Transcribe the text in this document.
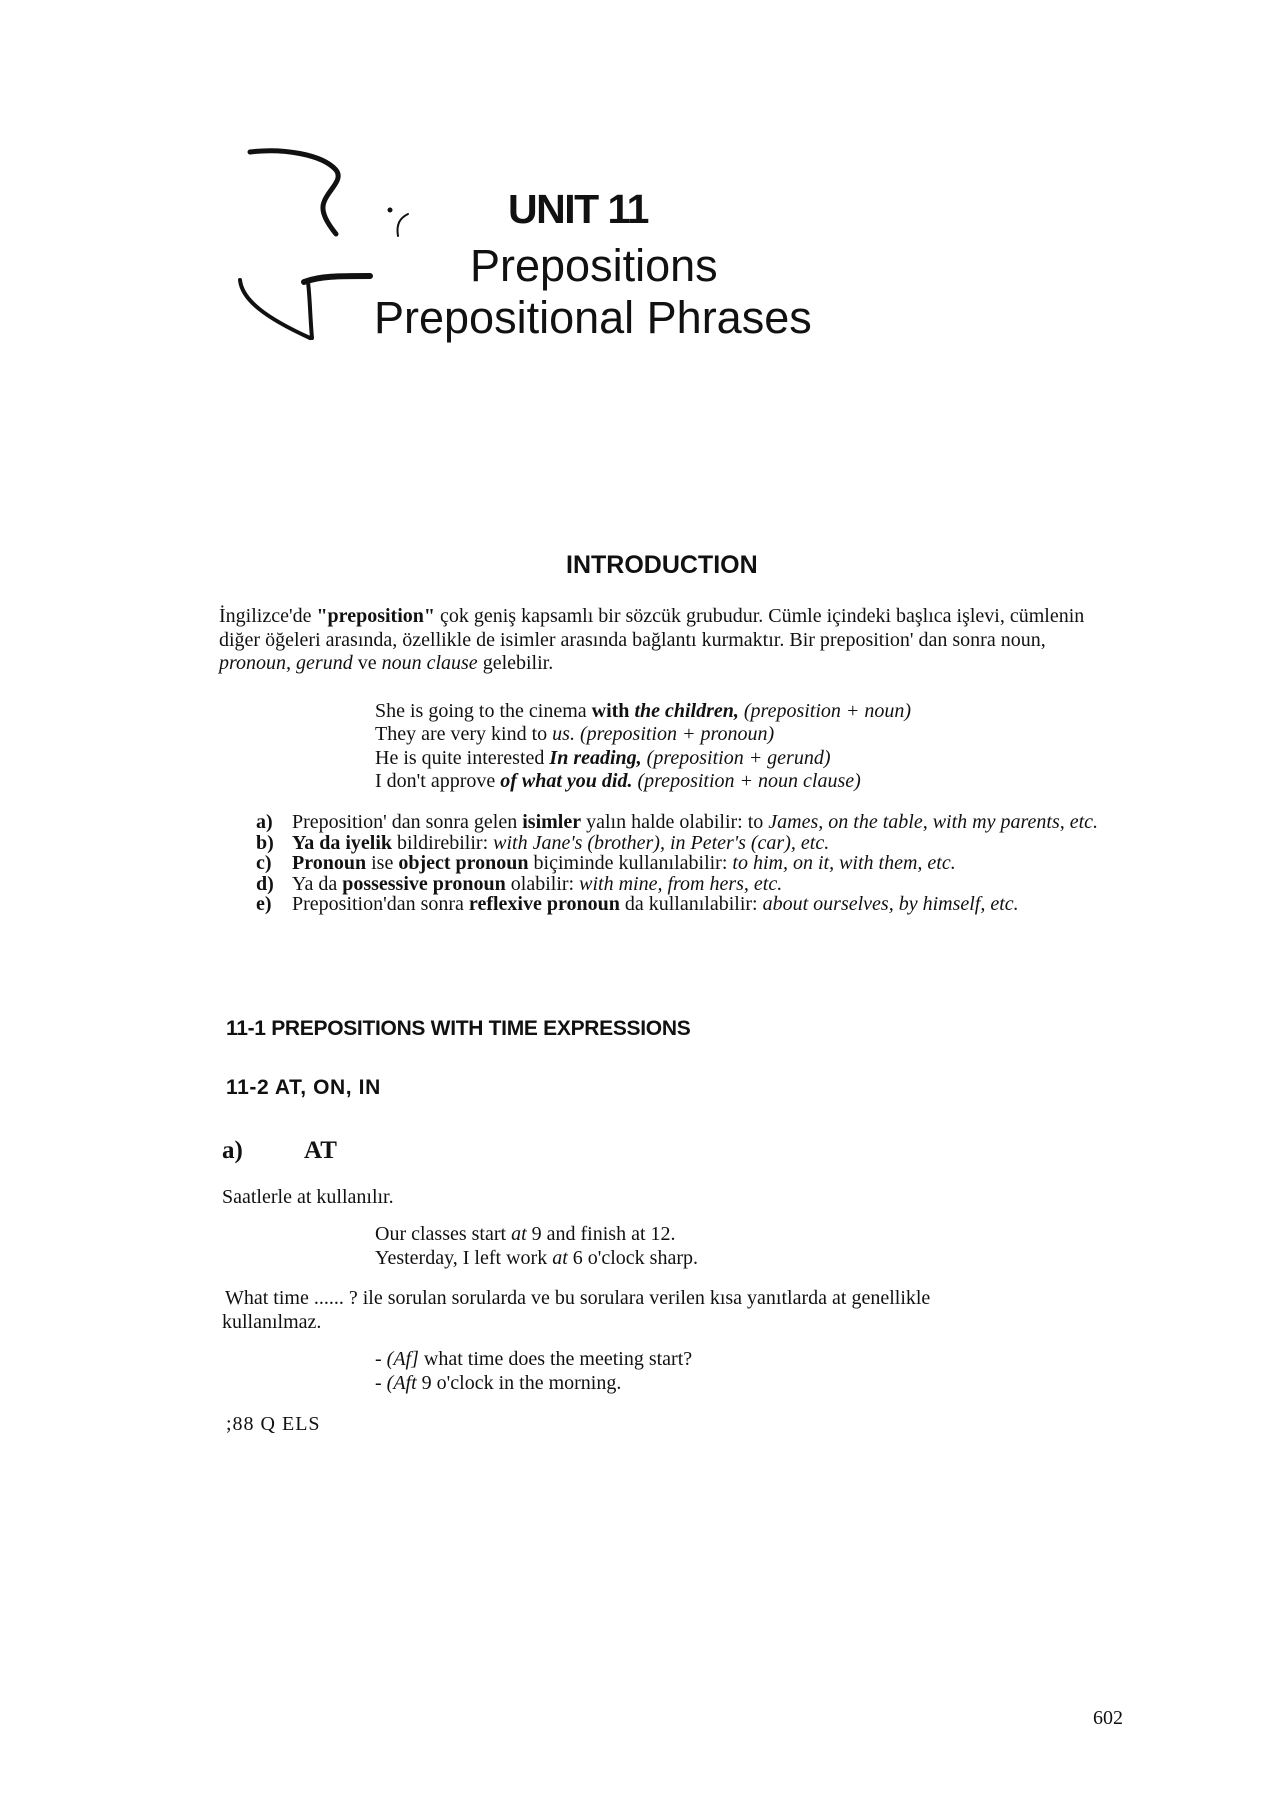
UNIT 11
Prepositions
Prepositional Phrases
INTRODUCTION
İngilizce'de "preposition" çok geniş kapsamlı bir sözcük grubudur. Cümle içindeki başlıca işlevi, cümlenin diğer öğeleri arasında, özellikle de isimler arasında bağlantı kurmaktır. Bir preposition' dan sonra noun, pronoun, gerund ve noun clause gelebilir.
She is going to the cinema with the children, (preposition + noun)
They are very kind to us. (preposition + pronoun)
He is quite interested In reading, (preposition + gerund)
I don't approve of what you did. (preposition + noun clause)
a) Preposition' dan sonra gelen isimler yalın halde olabilir: to James, on the table, with my parents, etc.
b) Ya da iyelik bildirebilir: with Jane's (brother), in Peter's (car), etc.
c) Pronoun ise object pronoun biçiminde kullanılabilir: to him, on it, with them, etc.
d) Ya da possessive pronoun olabilir: with mine, from hers, etc.
e) Preposition'dan sonra reflexive pronoun da kullanılabilir: about ourselves, by himself, etc.
11-1 PREPOSITIONS WITH TIME EXPRESSIONS
11-2 AT, ON, IN
a) AT
Saatlerle at kullanılır.
Our classes start at 9 and finish at 12.
Yesterday, I left work at 6 o'clock sharp.
What time ...... ? ile sorulan sorularda ve bu sorulara verilen kısa yanıtlarda at genellikle
kullanılmaz.
- (Af] what time does the meeting start?
- (Aft 9 o'clock in the morning.
;88 Q ELS
602
